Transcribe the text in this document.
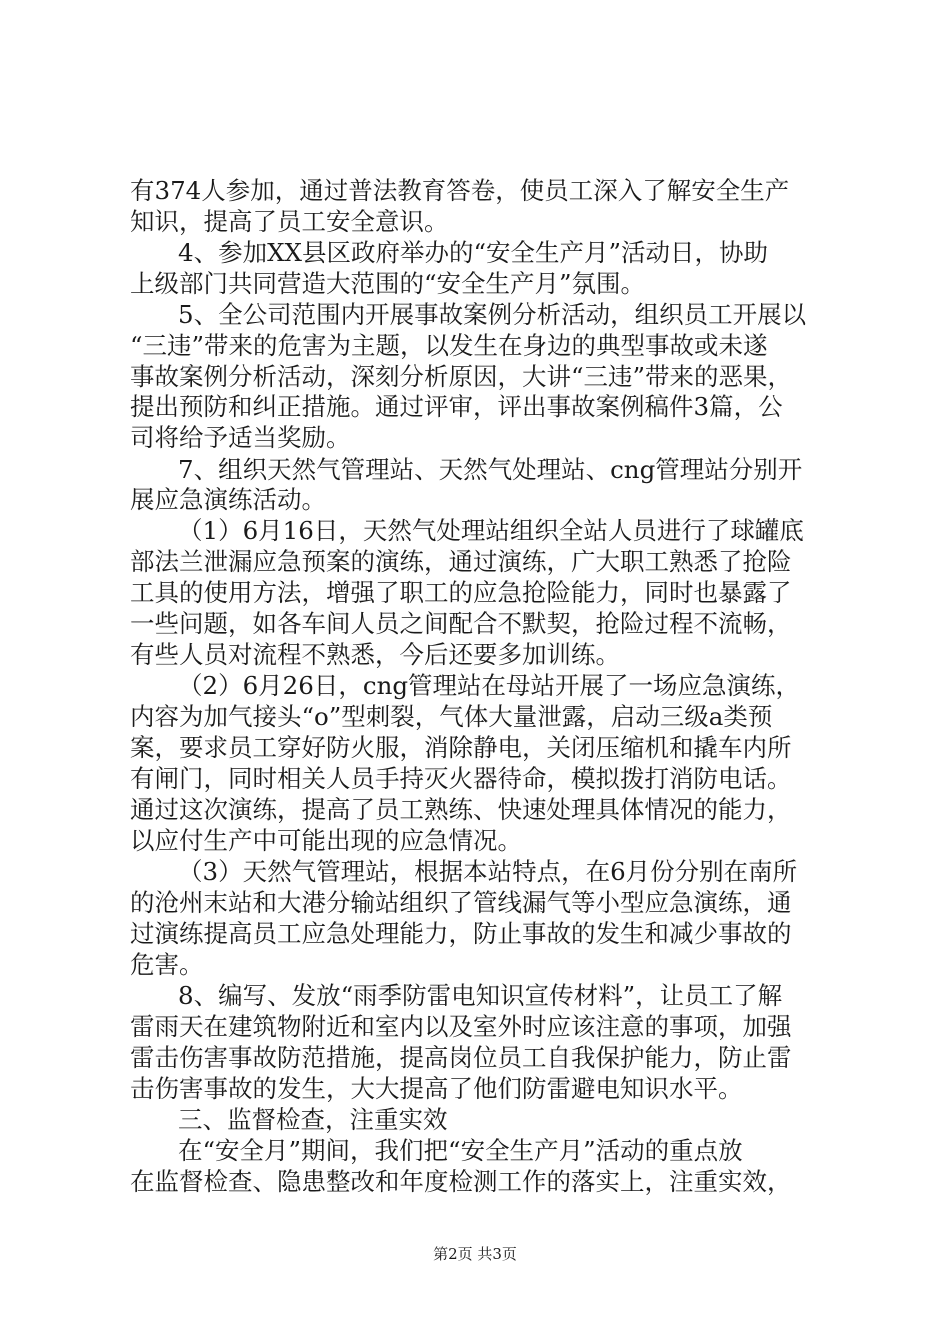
有374人参加，通过普法教育答卷，使员工深入了解安全生产
知识，提高了员工安全意识。
4、参加XX县区政府举办的“安全生产月”活动日，协助
上级部门共同营造大范围的“安全生产月”氛围。
5、全公司范围内开展事故案例分析活动，组织员工开展以
“三违”带来的危害为主题，以发生在身边的典型事故或未遂
事故案例分析活动，深刻分析原因，大讲“三违”带来的恶果，
提出预防和纠正措施。通过评审，评出事故案例稿件3篇，公
司将给予适当奖励。
7、组织天然气管理站、天然气处理站、cng管理站分别开
展应急演练活动。
（1）6月16日，天然气处理站组织全站人员进行了球罐底
部法兰泄漏应急预案的演练，通过演练，广大职工熟悉了抢险
工具的使用方法，增强了职工的应急抢险能力，同时也暴露了
一些问题，如各车间人员之间配合不默契，抢险过程不流畅，
有些人员对流程不熟悉，今后还要多加训练。
（2）6月26日，cng管理站在母站开展了一场应急演练，
内容为加气接头“o”型刺裂，气体大量泄露，启动三级a类预
案，要求员工穿好防火服，消除静电，关闭压缩机和撬车内所
有闸门，同时相关人员手持灭火器待命，模拟拨打消防电话。
通过这次演练，提高了员工熟练、快速处理具体情况的能力，
以应付生产中可能出现的应急情况。
（3）天然气管理站，根据本站特点，在6月份分别在南所
的沧州末站和大港分输站组织了管线漏气等小型应急演练，通
过演练提高员工应急处理能力，防止事故的发生和减少事故的
危害。
8、编写、发放“雨季防雷电知识宣传材料”，让员工了解
雷雨天在建筑物附近和室内以及室外时应该注意的事项，加强
雷击伤害事故防范措施，提高岗位员工自我保护能力，防止雷
击伤害事故的发生，大大提高了他们防雷避电知识水平。
三、监督检查，注重实效
在“安全月”期间，我们把“安全生产月”活动的重点放
在监督检查、隐患整改和年度检测工作的落实上，注重实效，
第2页 共3页
